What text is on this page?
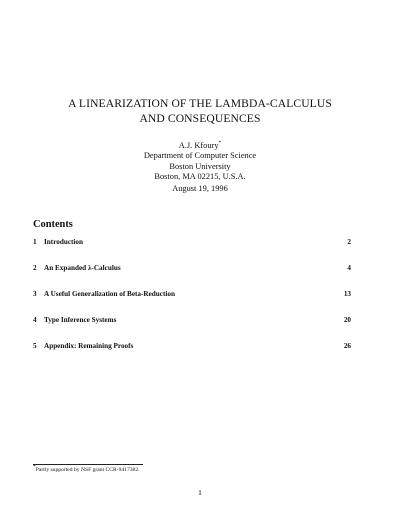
A LINEARIZATION OF THE LAMBDA-CALCULUS
AND CONSEQUENCES
A.J. Kfoury*
Department of Computer Science
Boston University
Boston, MA 02215, U.S.A.
August 19, 1996
Contents
1	Introduction	2
2	An Expanded λ-Calculus	4
3	A Useful Generalization of Beta-Reduction	13
4	Type Inference Systems	20
5	Appendix: Remaining Proofs	26
*Partly supported by NSF grant CCR-9417382.
1
